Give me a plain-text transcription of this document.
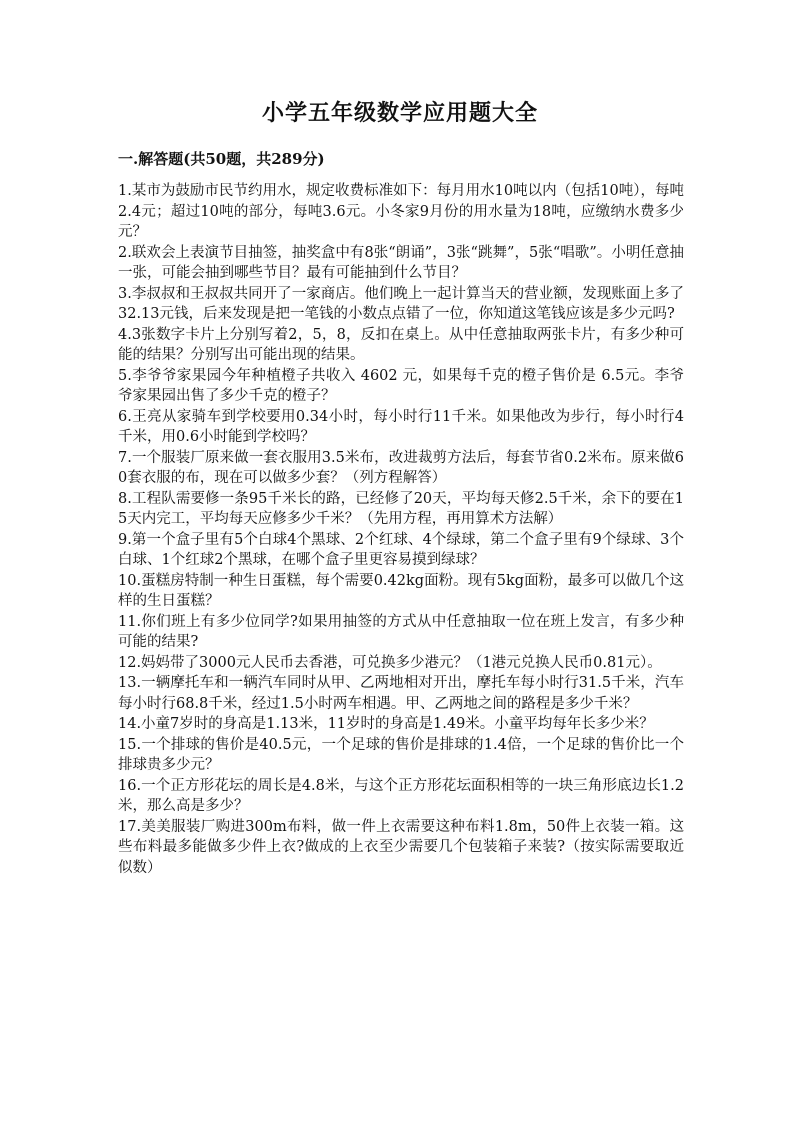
小学五年级数学应用题大全
一.解答题(共50题，共289分)
1.某市为鼓励市民节约用水，规定收费标准如下：每月用水10吨以内（包括10吨），每吨2.4元；超过10吨的部分，每吨3.6元。小冬家9月份的用水量为18吨，应缴纳水费多少元？
2.联欢会上表演节目抽签，抽奖盒中有8张“朗诵”，3张“跳舞”，5张“唱歌”。小明任意抽一张，可能会抽到哪些节目？最有可能抽到什么节目？
3.李叔叔和王叔叔共同开了一家商店。他们晚上一起计算当天的营业额，发现账面上多了32.13元钱，后来发现是把一笔钱的小数点点错了一位，你知道这笔钱应该是多少元吗?
4.3张数字卡片上分别写着2，5，8，反扣在桌上。从中任意抽取两张卡片，有多少种可能的结果？分别写出可能出现的结果。
5.李爷爷家果园今年种植橙子共收入 4602 元，如果每千克的橙子售价是 6.5元。李爷爷家果园出售了多少千克的橙子？
6.王亮从家骑车到学校要用0.34小时，每小时行11千米。如果他改为步行，每小时行4千米，用0.6小时能到学校吗？
7.一个服装厂原来做一套衣服用3.5米布，改进裁剪方法后，每套节省0.2米布。原来做60套衣服的布，现在可以做多少套？（列方程解答）
8.工程队需要修一条95千米长的路，已经修了20天，平均每天修2.5千米，余下的要在15天内完工，平均每天应修多少千米？（先用方程，再用算术方法解）
9.第一个盒子里有5个白球4个黑球、2个红球、4个绿球，第二个盒子里有9个绿球、3个白球、1个红球2个黑球，在哪个盒子里更容易摸到绿球？
10.蛋糕房特制一种生日蛋糕，每个需要0.42kg面粉。现有5kg面粉，最多可以做几个这样的生日蛋糕？
11.你们班上有多少位同学?如果用抽签的方式从中任意抽取一位在班上发言，有多少种可能的结果?
12.妈妈带了3000元人民币去香港，可兑换多少港元？（1港元兑换人民币0.81元）。
13.一辆摩托车和一辆汽车同时从甲、乙两地相对开出，摩托车每小时行31.5千米，汽车每小时行68.8千米，经过1.5小时两车相遇。甲、乙两地之间的路程是多少千米？
14.小童7岁时的身高是1.13米，11岁时的身高是1.49米。小童平均每年长多少米？
15.一个排球的售价是40.5元，一个足球的售价是排球的1.4倍，一个足球的售价比一个排球贵多少元？
16.一个正方形花坛的周长是4.8米，与这个正方形花坛面积相等的一块三角形底边长1.2米，那么高是多少？
17.美美服装厂购进300m布料，做一件上衣需要这种布料1.8m，50件上衣装一箱。这些布料最多能做多少件上衣?做成的上衣至少需要几个包装箱子来装?（按实际需要取近似数）
